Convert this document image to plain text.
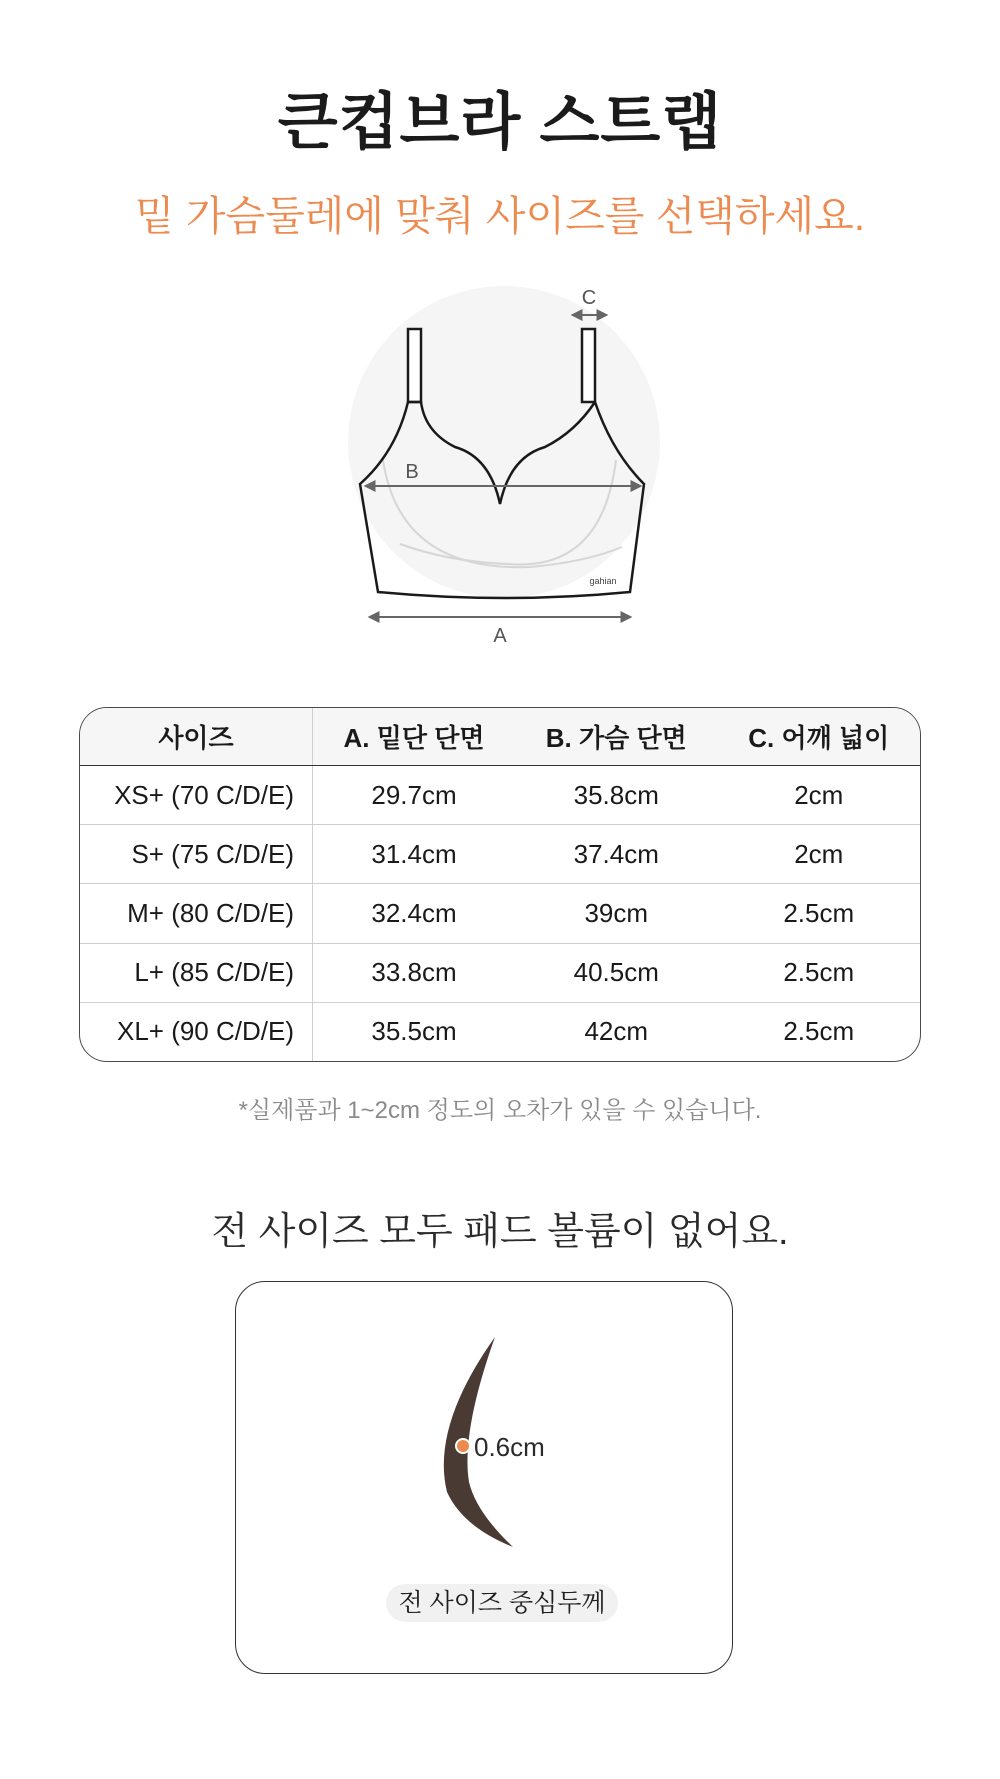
큰컵브라 스트랩
밑 가슴둘레에 맞춰 사이즈를 선택하세요.
A
B
C
gahian
사이즈	A. 밑단 단면	B. 가슴 단면	C. 어깨 넓이
XS+ (70 C/D/E)	29.7cm	35.8cm	2cm
S+ (75 C/D/E)	31.4cm	37.4cm	2cm
M+ (80 C/D/E)	32.4cm	39cm	2.5cm
L+ (85 C/D/E)	33.8cm	40.5cm	2.5cm
XL+ (90 C/D/E)	35.5cm	42cm	2.5cm
*실제품과 1~2cm 정도의 오차가 있을 수 있습니다.
전 사이즈 모두 패드 볼륨이 없어요.
0.6cm
전 사이즈 중심두께
